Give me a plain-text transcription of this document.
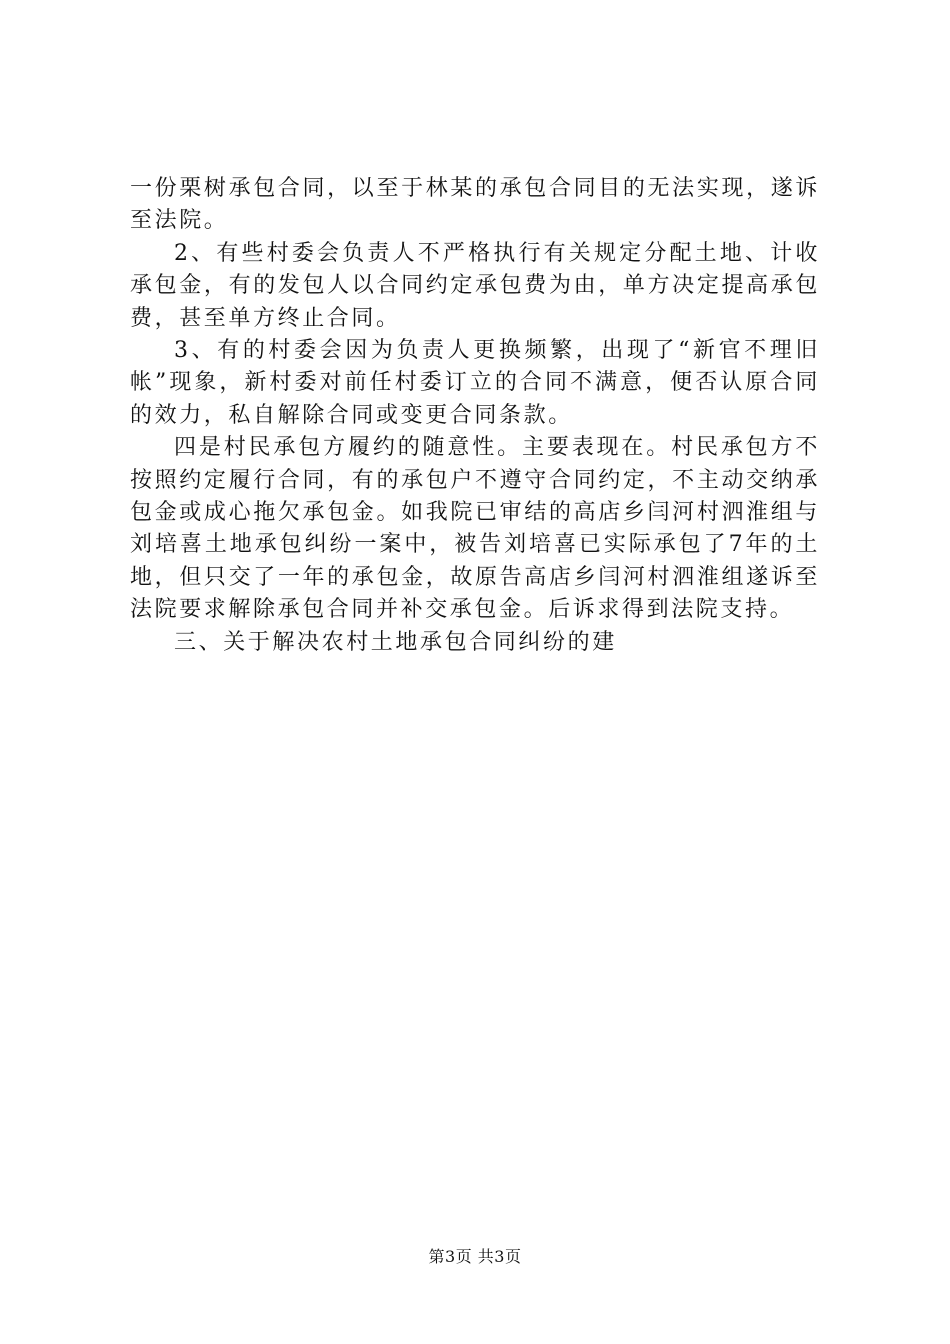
一份栗树承包合同，以至于林某的承包合同目的无法实现，遂诉至法院。

2、有些村委会负责人不严格执行有关规定分配土地、计收承包金，有的发包人以合同约定承包费为由，单方决定提高承包费，甚至单方终止合同。

3、有的村委会因为负责人更换频繁，出现了“新官不理旧帐”现象，新村委对前任村委订立的合同不满意，便否认原合同的效力，私自解除合同或变更合同条款。

四是村民承包方履约的随意性。主要表现在。村民承包方不按照约定履行合同，有的承包户不遵守合同约定，不主动交纳承包金或成心拖欠承包金。如我院已审结的高店乡闫河村泗淮组与刘培喜土地承包纠纷一案中，被告刘培喜已实际承包了7年的土地，但只交了一年的承包金，故原告高店乡闫河村泗淮组遂诉至法院要求解除承包合同并补交承包金。后诉求得到法院支持。

三、关于解决农村土地承包合同纠纷的建

第3页 共3页
